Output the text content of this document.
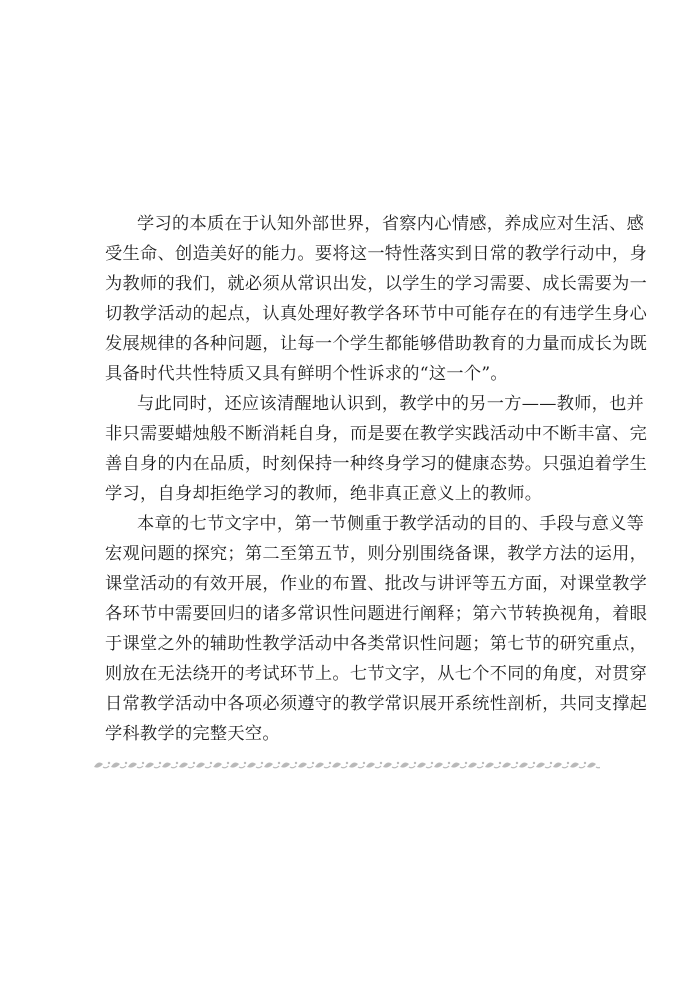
学习的本质在于认知外部世界，省察内心情感，养成应对生活、感
受生命、创造美好的能力。要将这一特性落实到日常的教学行动中，身
为教师的我们，就必须从常识出发，以学生的学习需要、成长需要为一
切教学活动的起点，认真处理好教学各环节中可能存在的有违学生身心
发展规律的各种问题，让每一个学生都能够借助教育的力量而成长为既
具备时代共性特质又具有鲜明个性诉求的“这一个”。
与此同时，还应该清醒地认识到，教学中的另一方——教师，也并
非只需要蜡烛般不断消耗自身，而是要在教学实践活动中不断丰富、完
善自身的内在品质，时刻保持一种终身学习的健康态势。只强迫着学生
学习，自身却拒绝学习的教师，绝非真正意义上的教师。
本章的七节文字中，第一节侧重于教学活动的目的、手段与意义等
宏观问题的探究；第二至第五节，则分别围绕备课，教学方法的运用，
课堂活动的有效开展，作业的布置、批改与讲评等五方面，对课堂教学
各环节中需要回归的诸多常识性问题进行阐释；第六节转换视角，着眼
于课堂之外的辅助性教学活动中各类常识性问题；第七节的研究重点，
则放在无法绕开的考试环节上。七节文字，从七个不同的角度，对贯穿
日常教学活动中各项必须遵守的教学常识展开系统性剖析，共同支撑起
学科教学的完整天空。
